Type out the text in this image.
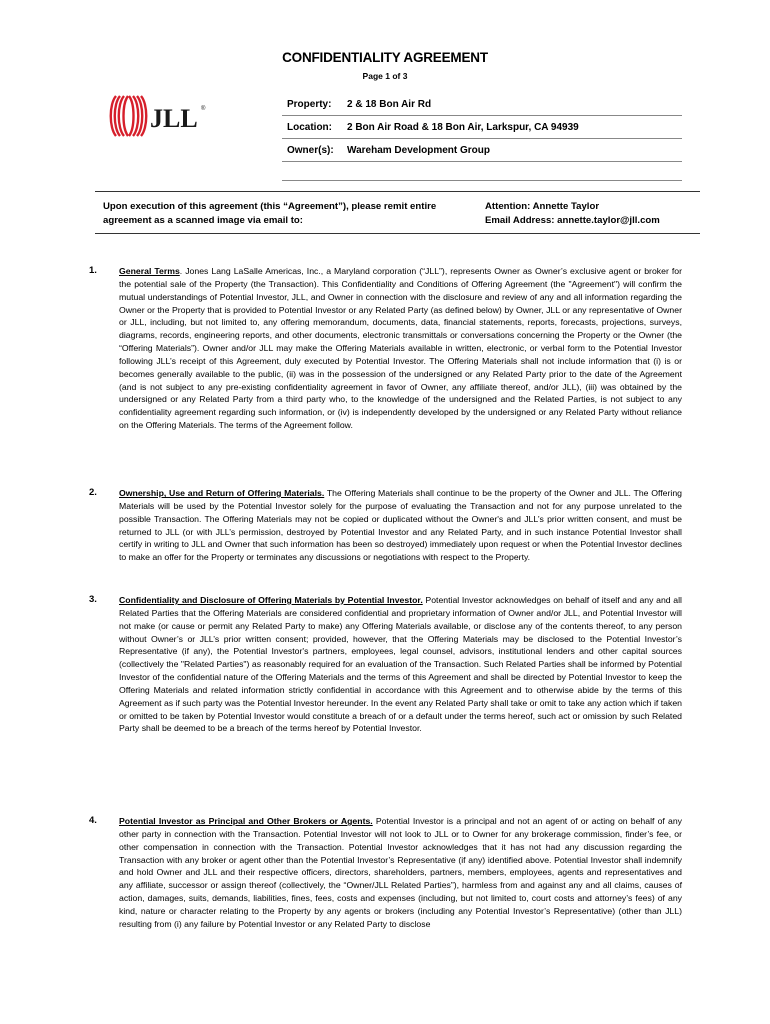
CONFIDENTIALITY AGREEMENT
Page 1 of 3
JLL ®	Property: 2 & 18 Bon Air Rd
Location: 2 Bon Air Road & 18 Bon Air, Larkspur, CA 94939
Owner(s): Wareham Development Group
Upon execution of this agreement (this “Agreement”), please remit entire agreement as a scanned image via email to:
Attention: Annette Taylor
Email Address: annette.taylor@jll.com
1.	General Terms. Jones Lang LaSalle Americas, Inc., a Maryland corporation (“JLL”), represents Owner as Owner’s exclusive agent or broker for the potential sale of the Property (the Transaction). This Confidentiality and Conditions of Offering Agreement (the "Agreement") will confirm the mutual understandings of Potential Investor, JLL, and Owner in connection with the disclosure and review of any and all information regarding the Owner or the Property that is provided to Potential Investor or any Related Party (as defined below) by Owner, JLL or any representative of Owner or JLL, including, but not limited to, any offering memorandum, documents, data, financial statements, reports, forecasts, projections, surveys, diagrams, records, engineering reports, and other documents, electronic transmittals or conversations concerning the Property or the Owner (the “Offering Materials”). Owner and/or JLL may make the Offering Materials available in written, electronic, or verbal form to the Potential Investor following JLL’s receipt of this Agreement, duly executed by Potential Investor. The Offering Materials shall not include information that (i) is or becomes generally available to the public, (ii) was in the possession of the undersigned or any Related Party prior to the date of the Agreement (and is not subject to any pre-existing confidentiality agreement in favor of Owner, any affiliate thereof, and/or JLL), (iii) was obtained by the undersigned or any Related Party from a third party who, to the knowledge of the undersigned and the Related Parties, is not subject to any confidentiality agreement regarding such information, or (iv) is independently developed by the undersigned or any Related Party without reliance on the Offering Materials. The terms of the Agreement follow.
2.	Ownership, Use and Return of Offering Materials. The Offering Materials shall continue to be the property of the Owner and JLL. The Offering Materials will be used by the Potential Investor solely for the purpose of evaluating the Transaction and not for any purpose unrelated to the possible Transaction. The Offering Materials may not be copied or duplicated without the Owner's and JLL’s prior written consent, and must be returned to JLL (or with JLL’s permission, destroyed by Potential Investor and any Related Party, and in such instance Potential Investor shall certify in writing to JLL and Owner that such information has been so destroyed) immediately upon request or when the Potential Investor declines to make an offer for the Property or terminates any discussions or negotiations with respect to the Property.
3.	Confidentiality and Disclosure of Offering Materials by Potential Investor. Potential Investor acknowledges on behalf of itself and any and all Related Parties that the Offering Materials are considered confidential and proprietary information of Owner and/or JLL, and Potential Investor will not make (or cause or permit any Related Party to make) any Offering Materials available, or disclose any of the contents thereof, to any person without Owner’s or JLL’s prior written consent; provided, however, that the Offering Materials may be disclosed to the Potential Investor’s Representative (if any), the Potential Investor's partners, employees, legal counsel, advisors, institutional lenders and other capital sources (collectively the "Related Parties") as reasonably required for an evaluation of the Transaction. Such Related Parties shall be informed by Potential Investor of the confidential nature of the Offering Materials and the terms of this Agreement and shall be directed by Potential Investor to keep the Offering Materials and related information strictly confidential in accordance with this Agreement and to otherwise abide by the terms of this Agreement as if such party was the Potential Investor hereunder. In the event any Related Party shall take or omit to take any action which if taken or omitted to be taken by Potential Investor would constitute a breach of or a default under the terms hereof, such act or omission by such Related Party shall be deemed to be a breach of the terms hereof by Potential Investor.
4.	Potential Investor as Principal and Other Brokers or Agents. Potential Investor is a principal and not an agent of or acting on behalf of any other party in connection with the Transaction. Potential Investor will not look to JLL or to Owner for any brokerage commission, finder’s fee, or other compensation in connection with the Transaction. Potential Investor acknowledges that it has not had any discussion regarding the Transaction with any broker or agent other than the Potential Investor’s Representative (if any) identified above. Potential Investor shall indemnify and hold Owner and JLL and their respective officers, directors, shareholders, partners, members, employees, agents and representatives and any affiliate, successor or assign thereof (collectively, the “Owner/JLL Related Parties”), harmless from and against any and all claims, causes of action, damages, suits, demands, liabilities, fines, fees, costs and expenses (including, but not limited to, court costs and attorney’s fees) of any kind, nature or character relating to the Property by any agents or brokers (including any Potential Investor’s Representative) (other than JLL) resulting from (i) any failure by Potential Investor or any Related Party to disclose
